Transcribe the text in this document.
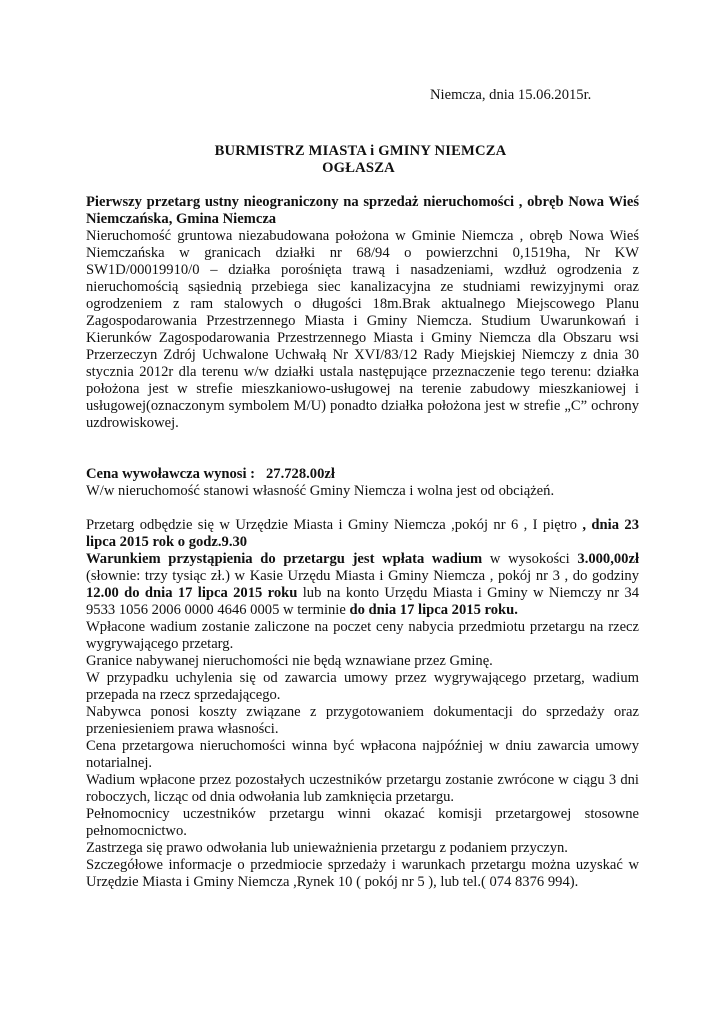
Niemcza, dnia 15.06.2015r.

BURMISTRZ MIASTA i GMINY NIEMCZA
OGŁASZA

Pierwszy przetarg ustny nieograniczony na sprzedaż nieruchomości , obręb Nowa Wieś Niemczańska, Gmina Niemcza

Nieruchomość gruntowa niezabudowana położona w Gminie Niemcza , obręb Nowa Wieś Niemczańska w granicach działki nr 68/94 o powierzchni 0,1519ha, Nr KW SW1D/00019910/0 – działka porośnięta trawą i nasadzeniami, wzdłuż ogrodzenia z nieruchomością sąsiednią przebiega siec kanalizacyjna ze studniami rewizyjnymi oraz ogrodzeniem z ram stalowych o długości 18m.Brak aktualnego Miejscowego Planu Zagospodarowania Przestrzennego Miasta i Gminy Niemcza. Studium Uwarunkowań i Kierunków Zagospodarowania Przestrzennego Miasta i Gminy Niemcza dla Obszaru wsi Przerzeczyn Zdrój Uchwalone Uchwałą Nr XVI/83/12 Rady Miejskiej Niemczy z dnia 30 stycznia 2012r dla terenu w/w działki ustala następujące przeznaczenie tego terenu: działka położona jest w strefie mieszkaniowo-usługowej na terenie zabudowy mieszkaniowej i usługowej(oznaczonym symbolem M/U) ponadto działka położona jest w strefie „C” ochrony uzdrowiskowej.

Cena wywoławcza wynosi : 27.728.00zł

W/w nieruchomość stanowi własność Gminy Niemcza i wolna jest od obciążeń.

Przetarg odbędzie się w Urzędzie Miasta i Gminy Niemcza ,pokój nr 6 , I piętro , dnia 23 lipca 2015 rok o godz.9.30

Warunkiem przystąpienia do przetargu jest wpłata wadium w wysokości 3.000,00zł (słownie: trzy tysiąc zł.) w Kasie Urzędu Miasta i Gminy Niemcza , pokój nr 3 , do godziny 12.00 do dnia 17 lipca 2015 roku lub na konto Urzędu Miasta i Gminy w Niemczy nr 34 9533 1056 2006 0000 4646 0005 w terminie do dnia 17 lipca 2015 roku.

Wpłacone wadium zostanie zaliczone na poczet ceny nabycia przedmiotu przetargu na rzecz wygrywającego przetarg.

Granice nabywanej nieruchomości nie będą wznawiane przez Gminę.

W przypadku uchylenia się od zawarcia umowy przez wygrywającego przetarg, wadium przepada na rzecz sprzedającego.

Nabywca ponosi koszty związane z przygotowaniem dokumentacji do sprzedaży oraz przeniesieniem prawa własności.

Cena przetargowa nieruchomości winna być wpłacona najpóźniej w dniu zawarcia umowy notarialnej.

Wadium wpłacone przez pozostałych uczestników przetargu zostanie zwrócone w ciągu 3 dni roboczych, licząc od dnia odwołania lub zamknięcia przetargu.

Pełnomocnicy uczestników przetargu winni okazać komisji przetargowej stosowne pełnomocnictwo.

Zastrzega się prawo odwołania lub unieważnienia przetargu z podaniem przyczyn.

Szczegółowe informacje o przedmiocie sprzedaży i warunkach przetargu można uzyskać w Urzędzie Miasta i Gminy Niemcza ,Rynek 10 ( pokój nr 5 ), lub tel.( 074 8376 994).
